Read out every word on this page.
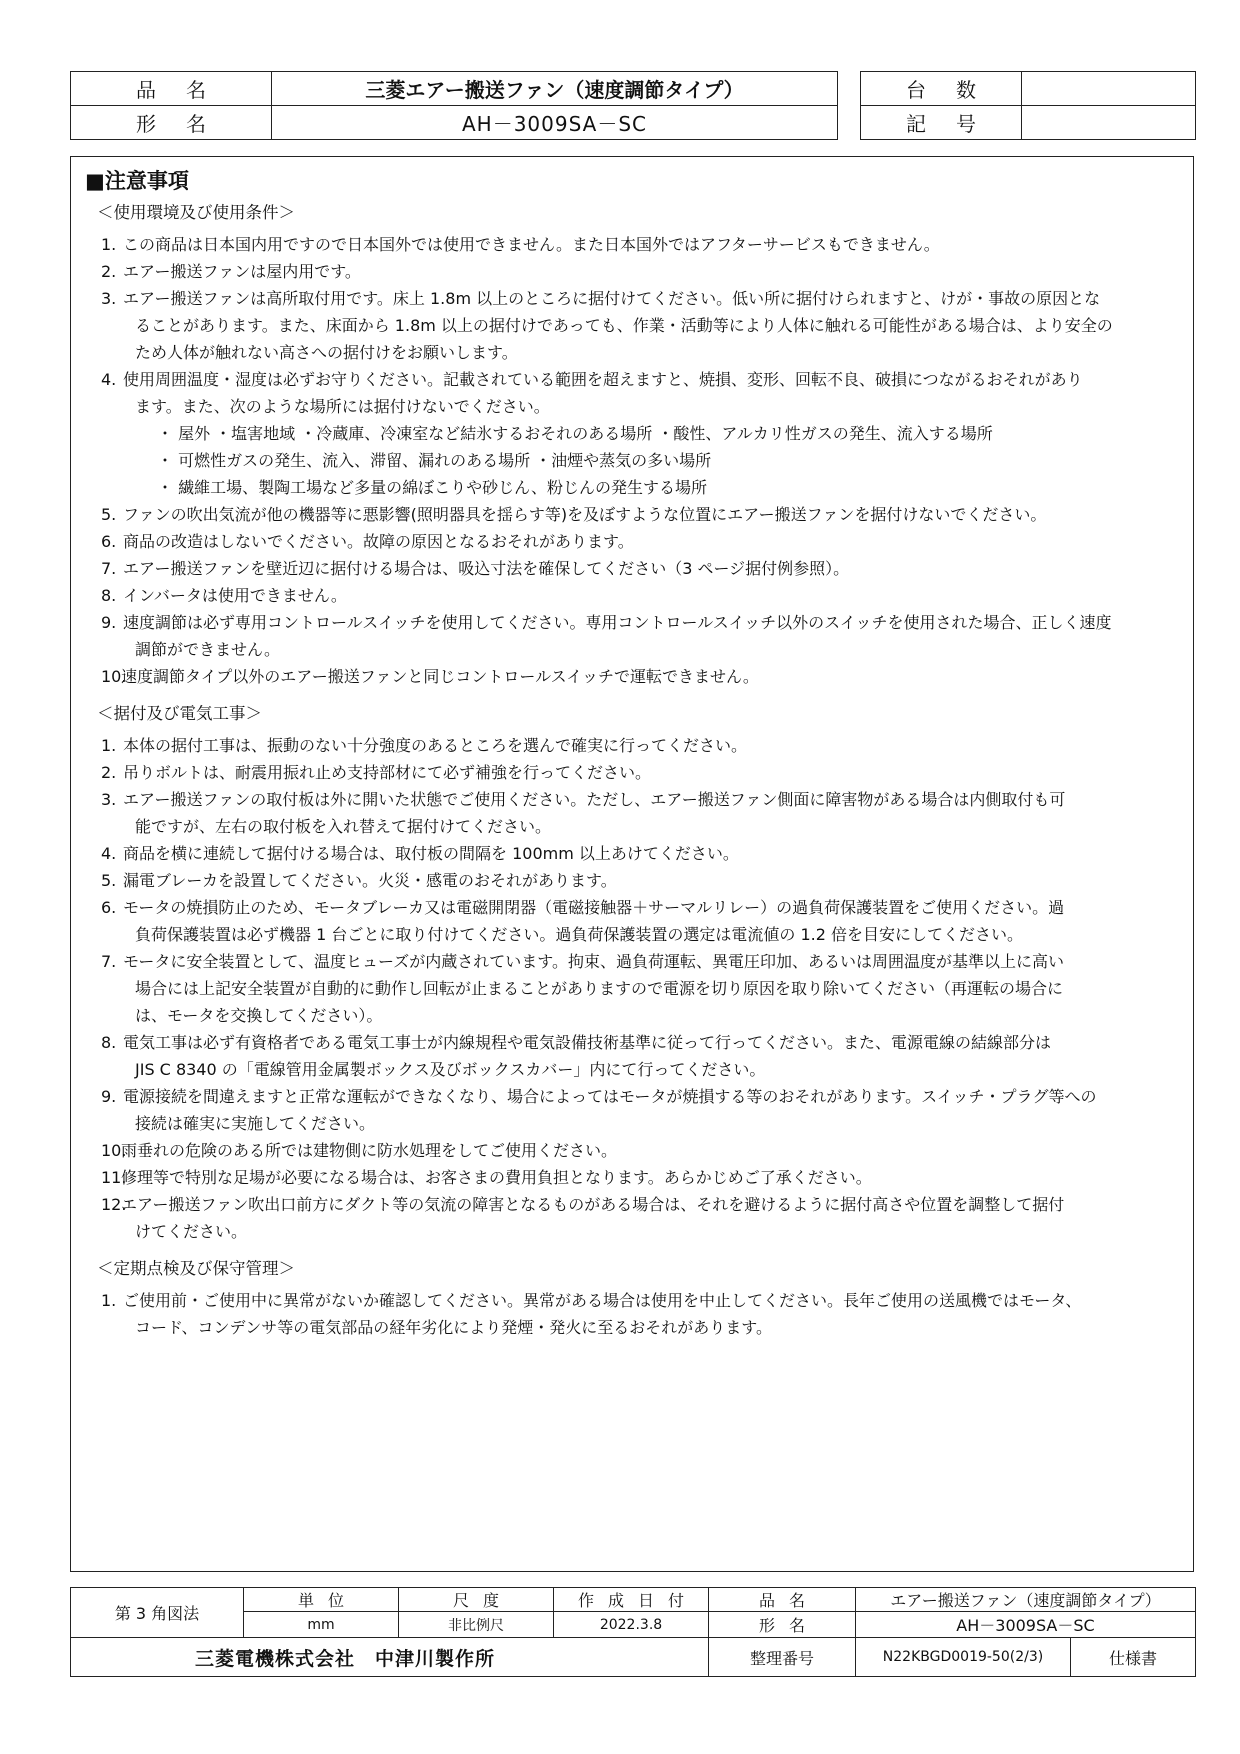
品名	三菱エアー搬送ファン（速度調節タイプ）
形名	AH－3009SA－SC
台数	
記号	
■注意事項
＜使用環境及び使用条件＞
1. この商品は日本国内用ですので日本国外では使用できません。また日本国外ではアフターサービスもできません。
2. エアー搬送ファンは屋内用です。
3. エアー搬送ファンは高所取付用です。床上 1.8m 以上のところに据付けてください。低い所に据付けられますと、けが・事故の原因とな
ることがあります。また、床面から 1.8m 以上の据付けであっても、作業・活動等により人体に触れる可能性がある場合は、より安全の
ため人体が触れない高さへの据付けをお願いします。
4. 使用周囲温度・湿度は必ずお守りください。記載されている範囲を超えますと、焼損、変形、回転不良、破損につながるおそれがあり
ます。また、次のような場所には据付けないでください。
・ 屋外 ・塩害地域 ・冷蔵庫、冷凍室など結氷するおそれのある場所 ・酸性、アルカリ性ガスの発生、流入する場所
・ 可燃性ガスの発生、流入、滞留、漏れのある場所 ・油煙や蒸気の多い場所
・ 繊維工場、製陶工場など多量の綿ぼこりや砂じん、粉じんの発生する場所
5. ファンの吹出気流が他の機器等に悪影響(照明器具を揺らす等)を及ぼすような位置にエアー搬送ファンを据付けないでください。
6. 商品の改造はしないでください。故障の原因となるおそれがあります。
7. エアー搬送ファンを壁近辺に据付ける場合は、吸込寸法を確保してください（3 ページ据付例参照）。
8. インバータは使用できません。
9. 速度調節は必ず専用コントロールスイッチを使用してください。専用コントロールスイッチ以外のスイッチを使用された場合、正しく速度
調節ができません。
10.速度調節タイプ以外のエアー搬送ファンと同じコントロールスイッチで運転できません。
＜据付及び電気工事＞
1. 本体の据付工事は、振動のない十分強度のあるところを選んで確実に行ってください。
2. 吊りボルトは、耐震用振れ止め支持部材にて必ず補強を行ってください。
3. エアー搬送ファンの取付板は外に開いた状態でご使用ください。ただし、エアー搬送ファン側面に障害物がある場合は内側取付も可
能ですが、左右の取付板を入れ替えて据付けてください。
4. 商品を横に連続して据付ける場合は、取付板の間隔を 100mm 以上あけてください。
5. 漏電ブレーカを設置してください。火災・感電のおそれがあります。
6. モータの焼損防止のため、モータブレーカ又は電磁開閉器（電磁接触器＋サーマルリレー）の過負荷保護装置をご使用ください。過
負荷保護装置は必ず機器 1 台ごとに取り付けてください。過負荷保護装置の選定は電流値の 1.2 倍を目安にしてください。
7. モータに安全装置として、温度ヒューズが内蔵されています。拘束、過負荷運転、異電圧印加、あるいは周囲温度が基準以上に高い
場合には上記安全装置が自動的に動作し回転が止まることがありますので電源を切り原因を取り除いてください（再運転の場合に
は、モータを交換してください）。
8. 電気工事は必ず有資格者である電気工事士が内線規程や電気設備技術基準に従って行ってください。また、電源電線の結線部分は
JIS C 8340 の「電線管用金属製ボックス及びボックスカバー」内にて行ってください。
9. 電源接続を間違えますと正常な運転ができなくなり、場合によってはモータが焼損する等のおそれがあります。スイッチ・プラグ等への
接続は確実に実施してください。
10.雨垂れの危険のある所では建物側に防水処理をしてご使用ください。
11.修理等で特別な足場が必要になる場合は、お客さまの費用負担となります。あらかじめご了承ください。
12.エアー搬送ファン吹出口前方にダクト等の気流の障害となるものがある場合は、それを避けるように据付高さや位置を調整して据付
けてください。
＜定期点検及び保守管理＞
1. ご使用前・ご使用中に異常がないか確認してください。異常がある場合は使用を中止してください。長年ご使用の送風機ではモータ、
コード、コンデンサ等の電気部品の経年劣化により発煙・発火に至るおそれがあります。
第 3 角図法	単位	尺度	作成日付	品名	エアー搬送ファン（速度調節タイプ）	
	mm	非比例尺	2022.3.8	形名	AH－3009SA－SC	
三菱電機株式会社　中津川製作所				整理番号	N22KBGD0019-50(2/3)	仕様書
